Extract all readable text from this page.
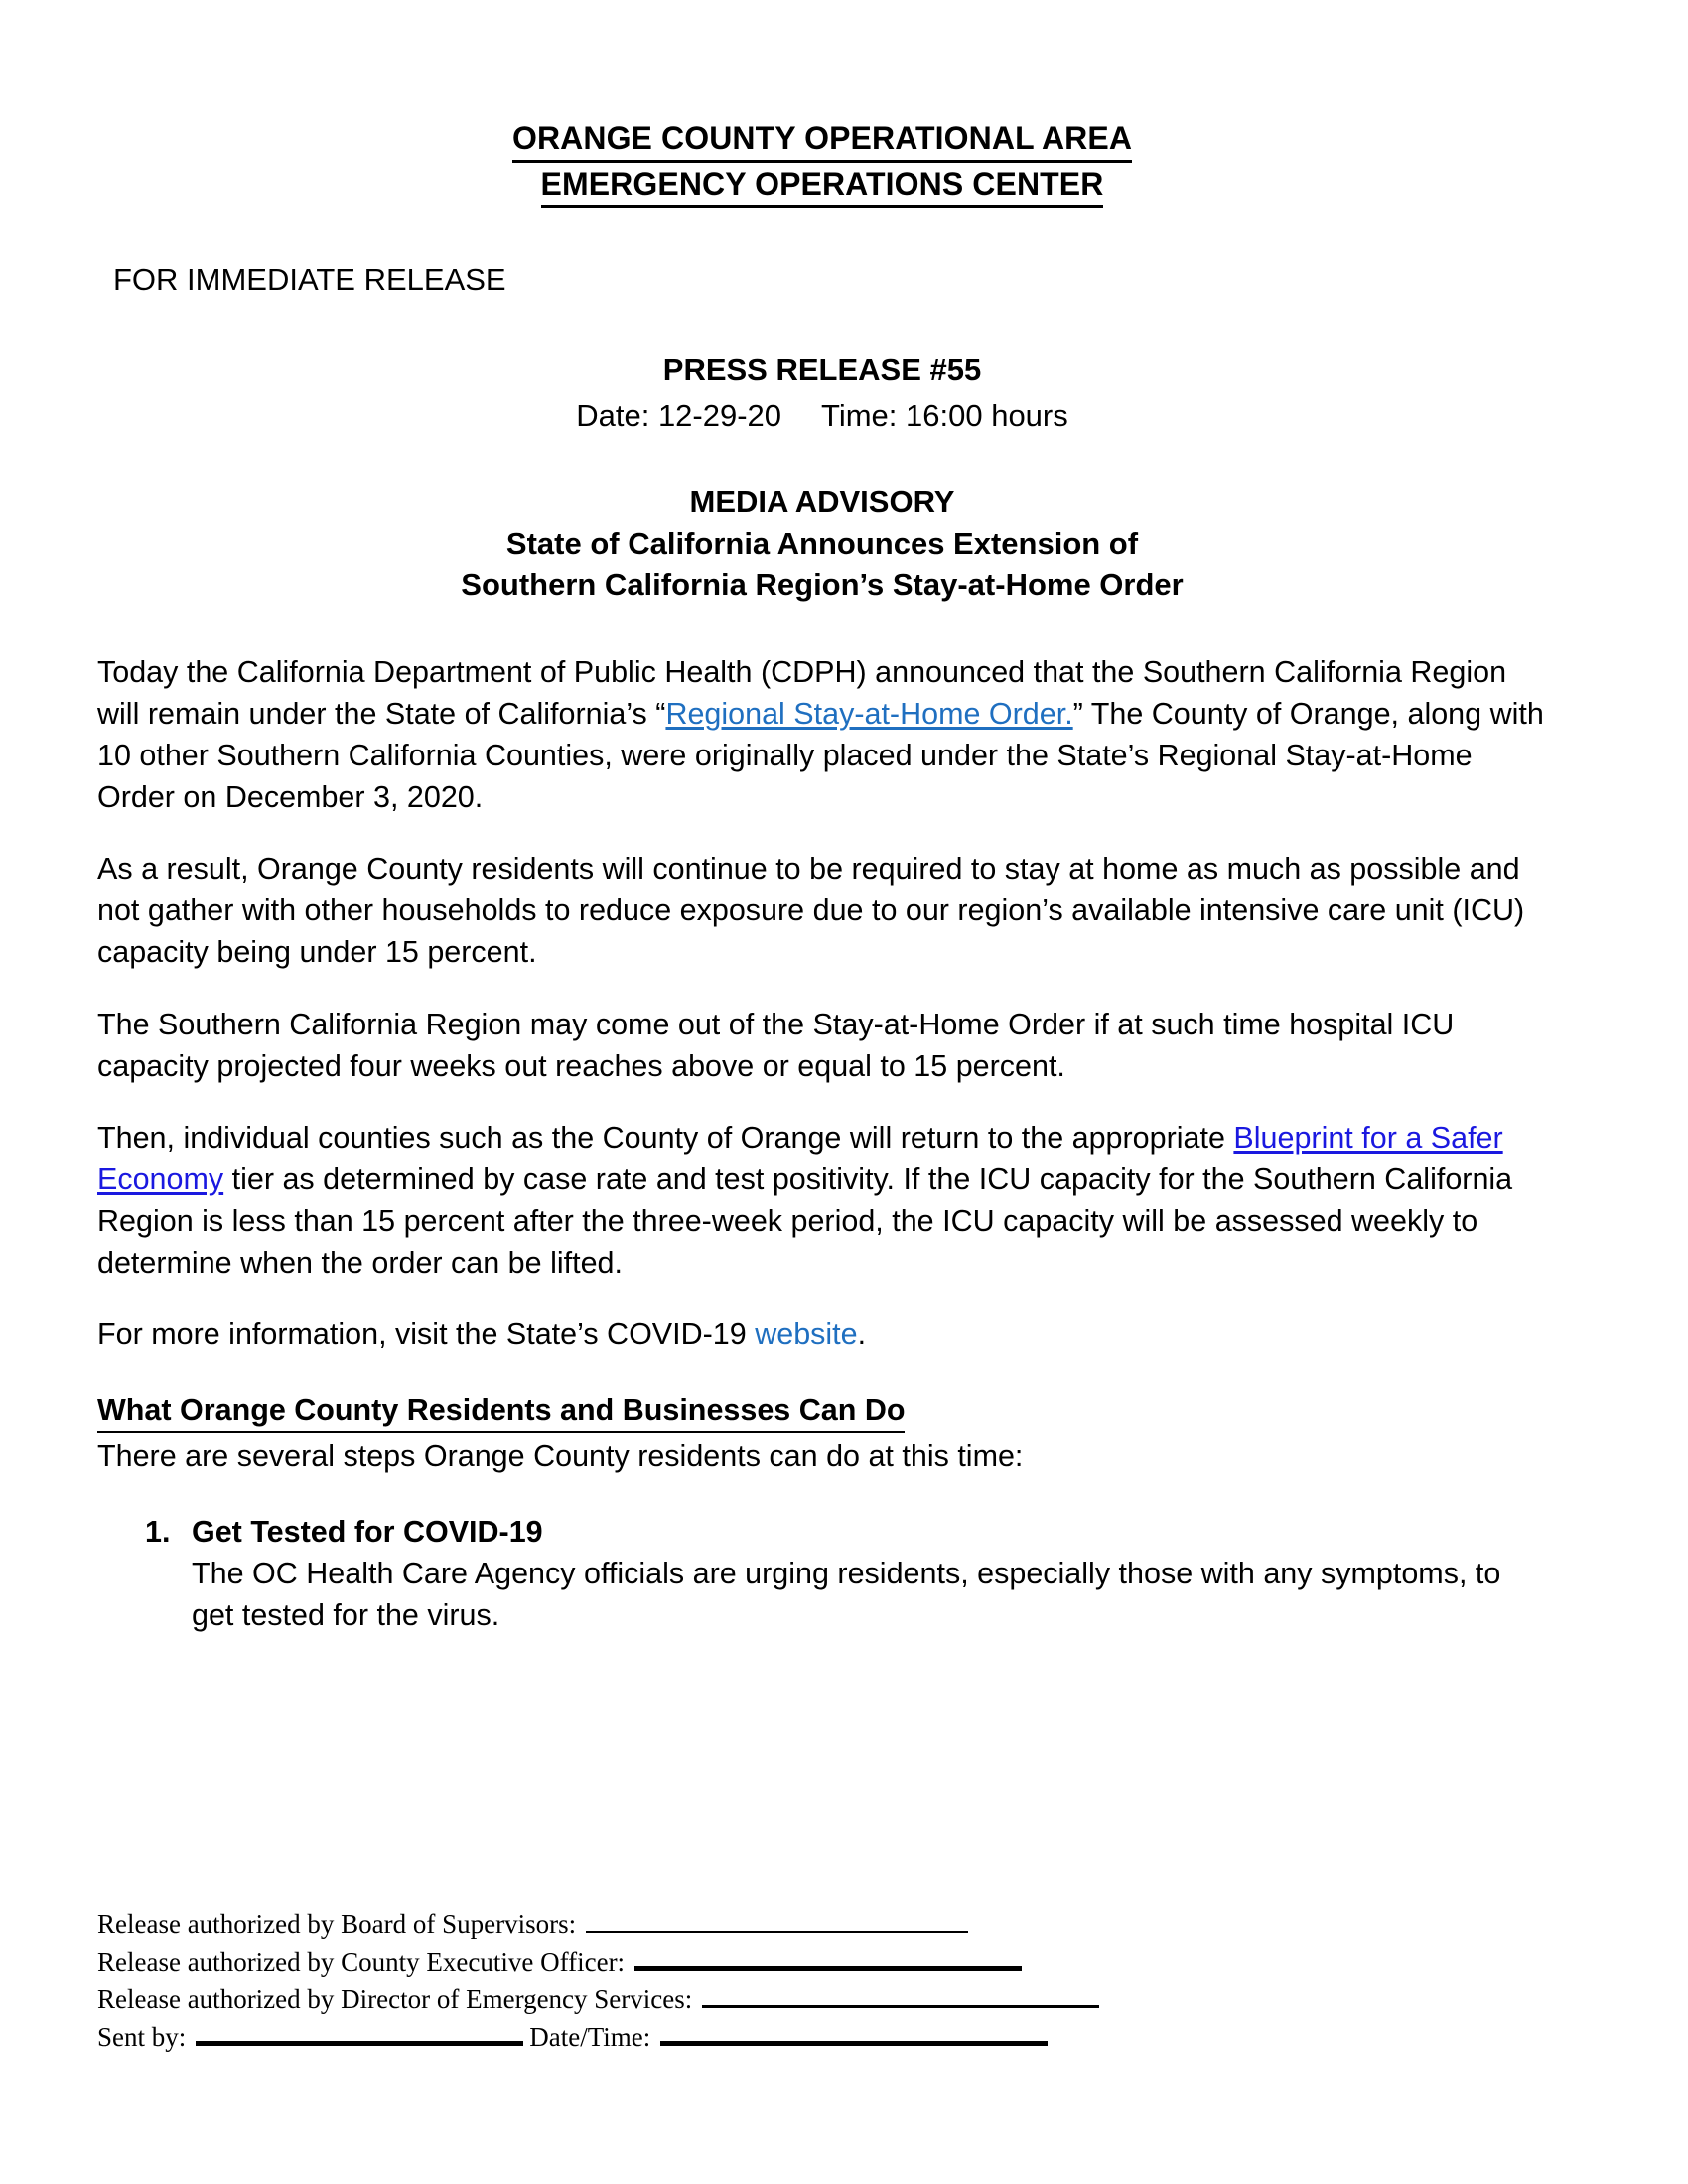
ORANGE COUNTY OPERATIONAL AREA
EMERGENCY OPERATIONS CENTER
FOR IMMEDIATE RELEASE
PRESS RELEASE #55
Date: 12-29-20 Time: 16:00 hours
MEDIA ADVISORY
State of California Announces Extension of
Southern California Region’s Stay-at-Home Order

Today the California Department of Public Health (CDPH) announced that the Southern California Region will remain under the State of California’s “Regional Stay-at-Home Order.” The County of Orange, along with 10 other Southern California Counties, were originally placed under the State’s Regional Stay-at-Home Order on December 3, 2020.

As a result, Orange County residents will continue to be required to stay at home as much as possible and not gather with other households to reduce exposure due to our region’s available intensive care unit (ICU) capacity being under 15 percent.

The Southern California Region may come out of the Stay-at-Home Order if at such time hospital ICU capacity projected four weeks out reaches above or equal to 15 percent.

Then, individual counties such as the County of Orange will return to the appropriate Blueprint for a Safer Economy tier as determined by case rate and test positivity. If the ICU capacity for the Southern California Region is less than 15 percent after the three-week period, the ICU capacity will be assessed weekly to determine when the order can be lifted.

For more information, visit the State’s COVID-19 website.

What Orange County Residents and Businesses Can Do
There are several steps Orange County residents can do at this time:
1. Get Tested for COVID-19
The OC Health Care Agency officials are urging residents, especially those with any symptoms, to get tested for the virus.
Release authorized by Board of Supervisors:
Release authorized by County Executive Officer:
Release authorized by Director of Emergency Services:
Sent by:	Date/Time:
